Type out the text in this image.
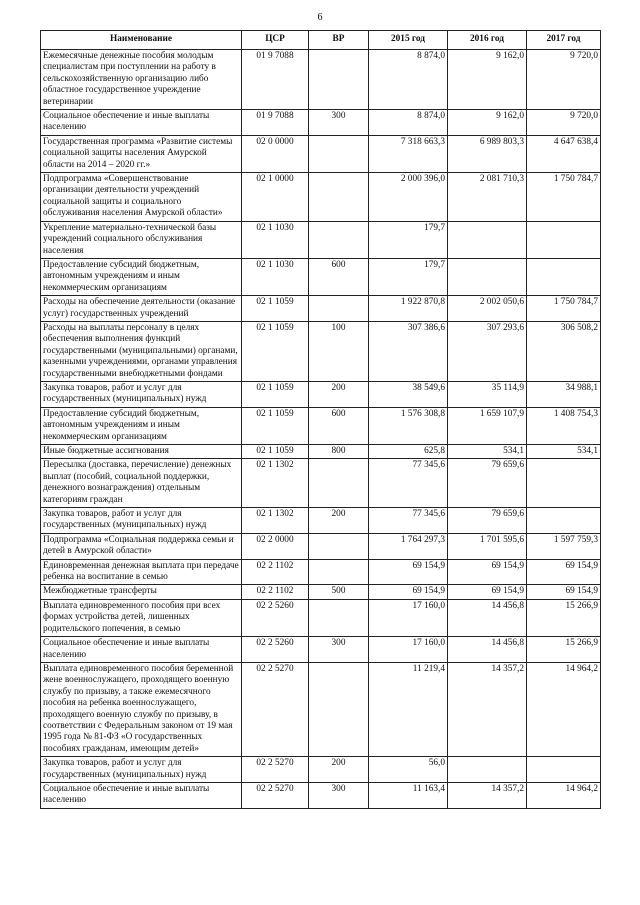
6
Наименование	ЦСР	ВР	2015 год	2016 год	2017 год
Ежемесячные денежные пособия молодым специалистам при поступлении на работу в сельскохозяйственную организацию либо областное государственное учреждение ветеринарии	01 9 7088		8 874,0	9 162,0	9 720,0
Социальное обеспечение и иные выплаты населению	01 9 7088	300	8 874,0	9 162,0	9 720,0
Государственная программа «Развитие системы социальной защиты населения Амурской области на 2014 – 2020 гг.»	02 0 0000		7 318 663,3	6 989 803,3	4 647 638,4
Подпрограмма «Совершенствование организации деятельности учреждений социальной защиты и социального обслуживания населения Амурской области»	02 1 0000		2 000 396,0	2 081 710,3	1 750 784,7
Укрепление материально-технической базы учреждений социального обслуживания населения	02 1 1030		179,7		
Предоставление субсидий бюджетным, автономным учреждениям и иным некоммерческим организациям	02 1 1030	600	179,7		
Расходы на обеспечение деятельности (оказание услуг) государственных учреждений	02 1 1059		1 922 870,8	2 002 050,6	1 750 784,7
Расходы на выплаты персоналу в целях обеспечения выполнения функций государственными (муниципальными) органами, казенными учреждениями, органами управления государственными внебюджетными фондами	02 1 1059	100	307 386,6	307 293,6	306 508,2
Закупка товаров, работ и услуг для государственных (муниципальных) нужд	02 1 1059	200	38 549,6	35 114,9	34 988,1
Предоставление субсидий бюджетным, автономным учреждениям и иным некоммерческим организациям	02 1 1059	600	1 576 308,8	1 659 107,9	1 408 754,3
Иные бюджетные ассигнования	02 1 1059	800	625,8	534,1	534,1
Пересылка (доставка, перечисление) денежных выплат (пособий, социальной поддержки, денежного вознаграждения) отдельным категориям граждан	02 1 1302		77 345,6	79 659,6	
Закупка товаров, работ и услуг для государственных (муниципальных) нужд	02 1 1302	200	77 345,6	79 659,6	
Подпрограмма «Социальная поддержка семьи и детей в Амурской области»	02 2 0000		1 764 297,3	1 701 595,6	1 597 759,3
Единовременная денежная выплата при передаче ребенка на воспитание в семью	02 2 1102		69 154,9	69 154,9	69 154,9
Межбюджетные трансферты	02 2 1102	500	69 154,9	69 154,9	69 154,9
Выплата единовременного пособия при всех формах устройства детей, лишенных родительского попечения, в семью	02 2 5260		17 160,0	14 456,8	15 266,9
Социальное обеспечение и иные выплаты населению	02 2 5260	300	17 160,0	14 456,8	15 266,9
Выплата единовременного пособия беременной жене военнослужащего, проходящего военную службу по призыву, а также ежемесячного пособия на ребенка военнослужащего, проходящего военную службу по призыву, в соответствии с Федеральным законом от 19 мая 1995 года № 81-ФЗ «О государственных пособиях гражданам, имеющим детей»	02 2 5270		11 219,4	14 357,2	14 964,2
Закупка товаров, работ и услуг для государственных (муниципальных) нужд	02 2 5270	200	56,0		
Социальное обеспечение и иные выплаты населению	02 2 5270	300	11 163,4	14 357,2	14 964,2
